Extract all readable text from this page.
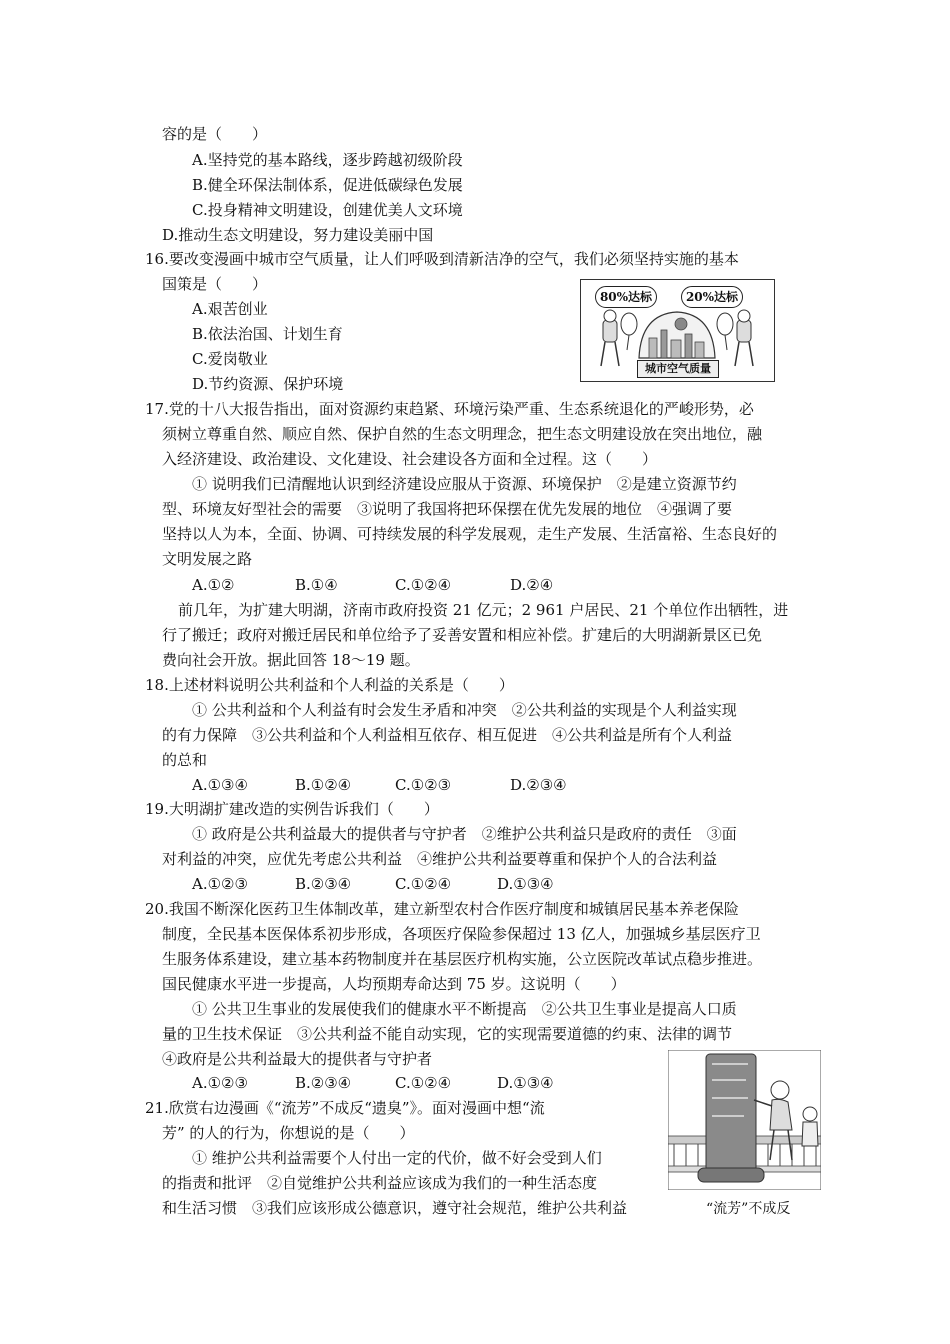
容的是（　　）
A.坚持党的基本路线，逐步跨越初级阶段
B.健全环保法制体系，促进低碳绿色发展
C.投身精神文明建设，创建优美人文环境
D.推动生态文明建设，努力建设美丽中国
16.要改变漫画中城市空气质量，让人们呼吸到清新洁净的空气，我们必须坚持实施的基本
国策是（　　）
A.艰苦创业
B.依法治国、计划生育
C.爱岗敬业
D.节约资源、保护环境
80%达标	20%达标
城市空气质量
17.党的十八大报告指出，面对资源约束趋紧、环境污染严重、生态系统退化的严峻形势，必
须树立尊重自然、顺应自然、保护自然的生态文明理念，把生态文明建设放在突出地位，融
入经济建设、政治建设、文化建设、社会建设各方面和全过程。这（　　）
① 说明我们已清醒地认识到经济建设应服从于资源、环境保护　②是建立资源节约
型、环境友好型社会的需要　③说明了我国将把环保摆在优先发展的地位　④强调了要
坚持以人为本，全面、协调、可持续发展的科学发展观，走生产发展、生活富裕、生态良好的
文明发展之路
A.①②	B.①④	C.①②④	D.②④
前几年，为扩建大明湖，济南市政府投资 21 亿元；2 961 户居民、21 个单位作出牺牲，进
行了搬迁；政府对搬迁居民和单位给予了妥善安置和相应补偿。扩建后的大明湖新景区已免
费向社会开放。据此回答 18～19 题。
18.上述材料说明公共利益和个人利益的关系是（　　）
① 公共利益和个人利益有时会发生矛盾和冲突　②公共利益的实现是个人利益实现
的有力保障　③公共利益和个人利益相互依存、相互促进　④公共利益是所有个人利益
的总和
A.①③④	B.①②④	C.①②③	D.②③④
19.大明湖扩建改造的实例告诉我们（　　）
① 政府是公共利益最大的提供者与守护者　②维护公共利益只是政府的责任　③面
对利益的冲突，应优先考虑公共利益　④维护公共利益要尊重和保护个人的合法利益
A.①②③	B.②③④	C.①②④	D.①③④
20.我国不断深化医药卫生体制改革，建立新型农村合作医疗制度和城镇居民基本养老保险
制度，全民基本医保体系初步形成，各项医疗保险参保超过 13 亿人，加强城乡基层医疗卫
生服务体系建设，建立基本药物制度并在基层医疗机构实施，公立医院改革试点稳步推进。
国民健康水平进一步提高，人均预期寿命达到 75 岁。这说明（　　）
① 公共卫生事业的发展使我们的健康水平不断提高　②公共卫生事业是提高人口质
量的卫生技术保证　③公共利益不能自动实现，它的实现需要道德的约束、法律的调节
④政府是公共利益最大的提供者与守护者
A.①②③	B.②③④	C.①②④	D.①③④
21.欣赏右边漫画《“流芳”不成反“遗臭”》。面对漫画中想“流
芳” 的人的行为，你想说的是（　　）
① 维护公共利益需要个人付出一定的代价，做不好会受到人们
的指责和批评　②自觉维护公共利益应该成为我们的一种生活态度
和生活习惯　③我们应该形成公德意识，遵守社会规范，维护公共利益	“流芳”不成反
